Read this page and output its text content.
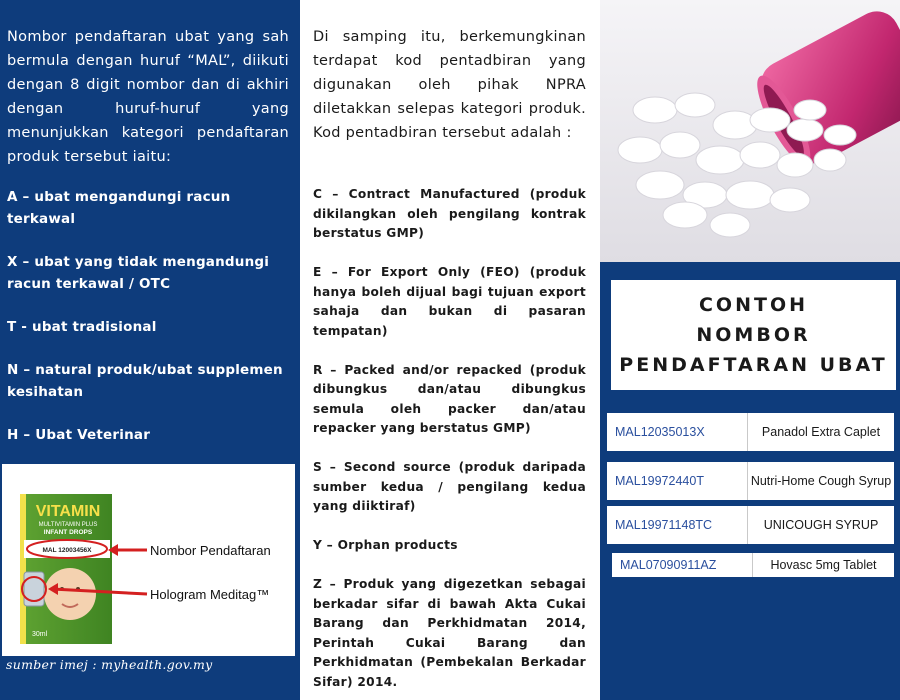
Nombor pendaftaran ubat yang sah bermula dengan huruf “MAL”, diikuti dengan 8 digit nombor dan di akhiri dengan huruf-huruf yang menunjukkan kategori pendaftaran produk tersebut iaitu:

A – ubat mengandungi racun terkawal

X – ubat yang tidak mengandungi racun terkawal / OTC

T - ubat tradisional

N – natural produk/ubat supplemen kesihatan

H – Ubat Veterinar

VITAMIN
MULTIVITAMIN PLUS
INFANT DROPS
MAL 12003456X
30ml
Nombor Pendaftaran
Hologram Meditag™

sumber imej : myhealth.gov.my

Di samping itu, berkemungkinan terdapat kod pentadbiran yang digunakan oleh pihak NPRA diletakkan selepas kategori produk. Kod pentadbiran tersebut adalah :

C – Contract Manufactured (produk dikilangkan oleh pengilang kontrak berstatus GMP)

E – For Export Only (FEO) (produk hanya boleh dijual bagi tujuan export sahaja dan bukan di pasaran tempatan)

R – Packed and/or repacked (produk dibungkus dan/atau dibungkus semula oleh packer dan/atau repacker yang berstatus GMP)

S – Second source (produk daripada sumber kedua / pengilang kedua yang diiktiraf)

Y – Orphan products

Z – Produk yang digezetkan sebagai berkadar sifar di bawah Akta Cukai Barang dan Perkhidmatan 2014, Perintah Cukai Barang dan Perkhidmatan (Pembekalan Berkadar Sifar) 2014.

CONTOH
NOMBOR
PENDAFTARAN UBAT
MAL12035013X	Panadol Extra Caplet
MAL19972440T	Nutri-Home Cough Syrup
MAL19971148TC	UNICOUGH SYRUP
MAL07090911AZ	Hovasc 5mg Tablet
